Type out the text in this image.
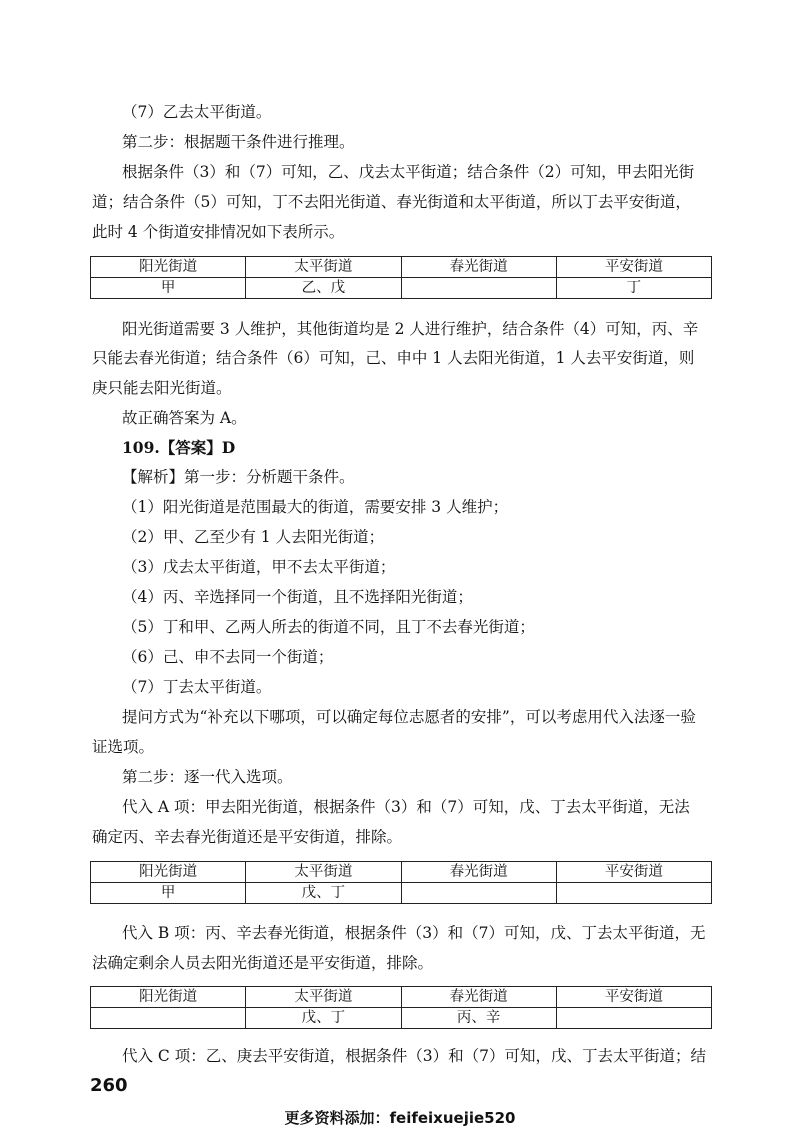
（7）乙去太平街道。
第二步：根据题干条件进行推理。
根据条件（3）和（7）可知，乙、戊去太平街道；结合条件（2）可知，甲去阳光街
道；结合条件（5）可知，丁不去阳光街道、春光街道和太平街道，所以丁去平安街道，
此时 4 个街道安排情况如下表所示。
阳光街道	太平街道	春光街道	平安街道
甲	乙、戊		丁
阳光街道需要 3 人维护，其他街道均是 2 人进行维护，结合条件（4）可知，丙、辛
只能去春光街道；结合条件（6）可知，己、申中 1 人去阳光街道，1 人去平安街道，则
庚只能去阳光街道。
故正确答案为 A。
109.【答案】D
【解析】第一步：分析题干条件。
（1）阳光街道是范围最大的街道，需要安排 3 人维护；
（2）甲、乙至少有 1 人去阳光街道；
（3）戊去太平街道，甲不去太平街道；
（4）丙、辛选择同一个街道，且不选择阳光街道；
（5）丁和甲、乙两人所去的街道不同，且丁不去春光街道；
（6）己、申不去同一个街道；
（7）丁去太平街道。
提问方式为“补充以下哪项，可以确定每位志愿者的安排”，可以考虑用代入法逐一验
证选项。
第二步：逐一代入选项。
代入 A 项：甲去阳光街道，根据条件（3）和（7）可知，戊、丁去太平街道，无法
确定丙、辛去春光街道还是平安街道，排除。
阳光街道	太平街道	春光街道	平安街道
甲	戊、丁		
代入 B 项：丙、辛去春光街道，根据条件（3）和（7）可知，戊、丁去太平街道，无
法确定剩余人员去阳光街道还是平安街道，排除。
阳光街道	太平街道	春光街道	平安街道
	戊、丁	丙、辛	
代入 C 项：乙、庚去平安街道，根据条件（3）和（7）可知，戊、丁去太平街道；结
260
更多资料添加：feifeixuejie520
